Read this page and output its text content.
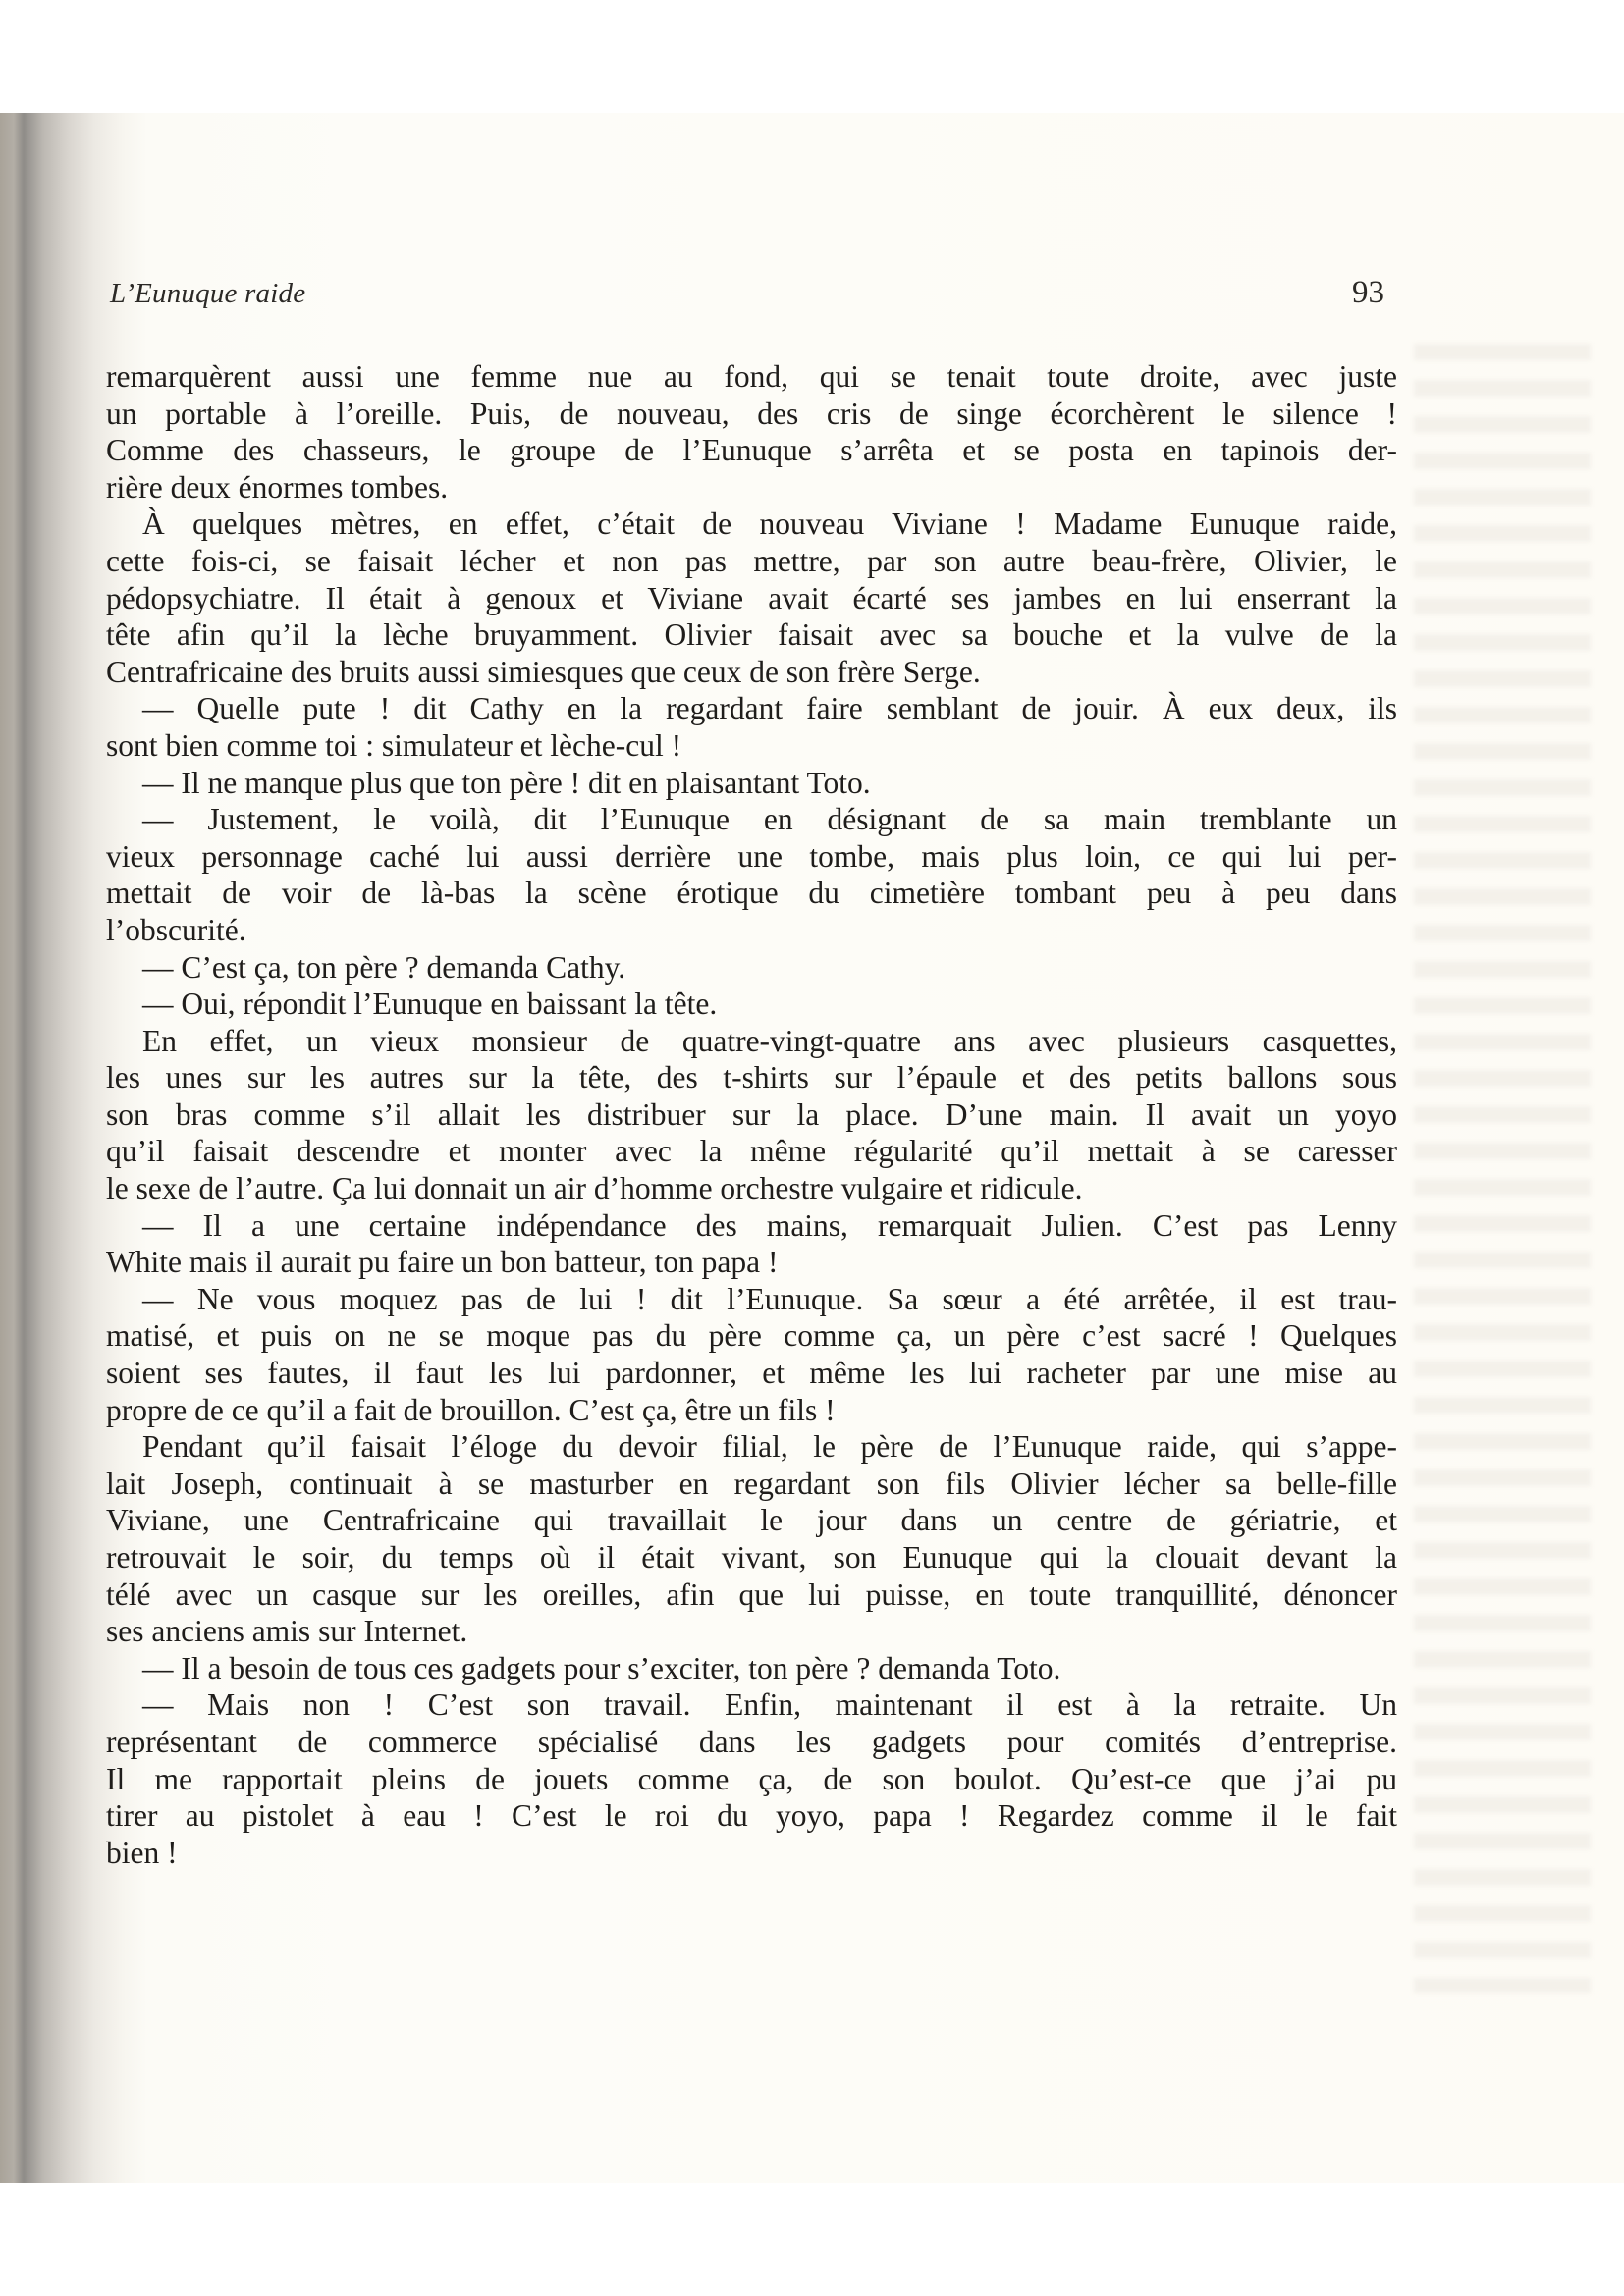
L’Eunuque raide	93
remarquèrent aussi une femme nue au fond, qui se tenait toute droite, avec juste
un portable à l’oreille. Puis, de nouveau, des cris de singe écorchèrent le silence !
Comme des chasseurs, le groupe de l’Eunuque s’arrêta et se posta en tapinois der-
rière deux énormes tombes.
À quelques mètres, en effet, c’était de nouveau Viviane ! Madame Eunuque raide,
cette fois-ci, se faisait lécher et non pas mettre, par son autre beau-frère, Olivier, le
pédopsychiatre. Il était à genoux et Viviane avait écarté ses jambes en lui enserrant la
tête afin qu’il la lèche bruyamment. Olivier faisait avec sa bouche et la vulve de la
Centrafricaine des bruits aussi simiesques que ceux de son frère Serge.
— Quelle pute ! dit Cathy en la regardant faire semblant de jouir. À eux deux, ils
sont bien comme toi : simulateur et lèche-cul !
— Il ne manque plus que ton père ! dit en plaisantant Toto.
— Justement, le voilà, dit l’Eunuque en désignant de sa main tremblante un
vieux personnage caché lui aussi derrière une tombe, mais plus loin, ce qui lui per-
mettait de voir de là-bas la scène érotique du cimetière tombant peu à peu dans
l’obscurité.
— C’est ça, ton père ? demanda Cathy.
— Oui, répondit l’Eunuque en baissant la tête.
En effet, un vieux monsieur de quatre-vingt-quatre ans avec plusieurs casquettes,
les unes sur les autres sur la tête, des t-shirts sur l’épaule et des petits ballons sous
son bras comme s’il allait les distribuer sur la place. D’une main. Il avait un yoyo
qu’il faisait descendre et monter avec la même régularité qu’il mettait à se caresser
le sexe de l’autre. Ça lui donnait un air d’homme orchestre vulgaire et ridicule.
— Il a une certaine indépendance des mains, remarquait Julien. C’est pas Lenny
White mais il aurait pu faire un bon batteur, ton papa !
— Ne vous moquez pas de lui ! dit l’Eunuque. Sa sœur a été arrêtée, il est trau-
matisé, et puis on ne se moque pas du père comme ça, un père c’est sacré ! Quelques
soient ses fautes, il faut les lui pardonner, et même les lui racheter par une mise au
propre de ce qu’il a fait de brouillon. C’est ça, être un fils !
Pendant qu’il faisait l’éloge du devoir filial, le père de l’Eunuque raide, qui s’appe-
lait Joseph, continuait à se masturber en regardant son fils Olivier lécher sa belle-fille
Viviane, une Centrafricaine qui travaillait le jour dans un centre de gériatrie, et
retrouvait le soir, du temps où il était vivant, son Eunuque qui la clouait devant la
télé avec un casque sur les oreilles, afin que lui puisse, en toute tranquillité, dénoncer
ses anciens amis sur Internet.
— Il a besoin de tous ces gadgets pour s’exciter, ton père ? demanda Toto.
— Mais non ! C’est son travail. Enfin, maintenant il est à la retraite. Un
représentant de commerce spécialisé dans les gadgets pour comités d’entreprise.
Il me rapportait pleins de jouets comme ça, de son boulot. Qu’est-ce que j’ai pu
tirer au pistolet à eau ! C’est le roi du yoyo, papa ! Regardez comme il le fait
bien !
